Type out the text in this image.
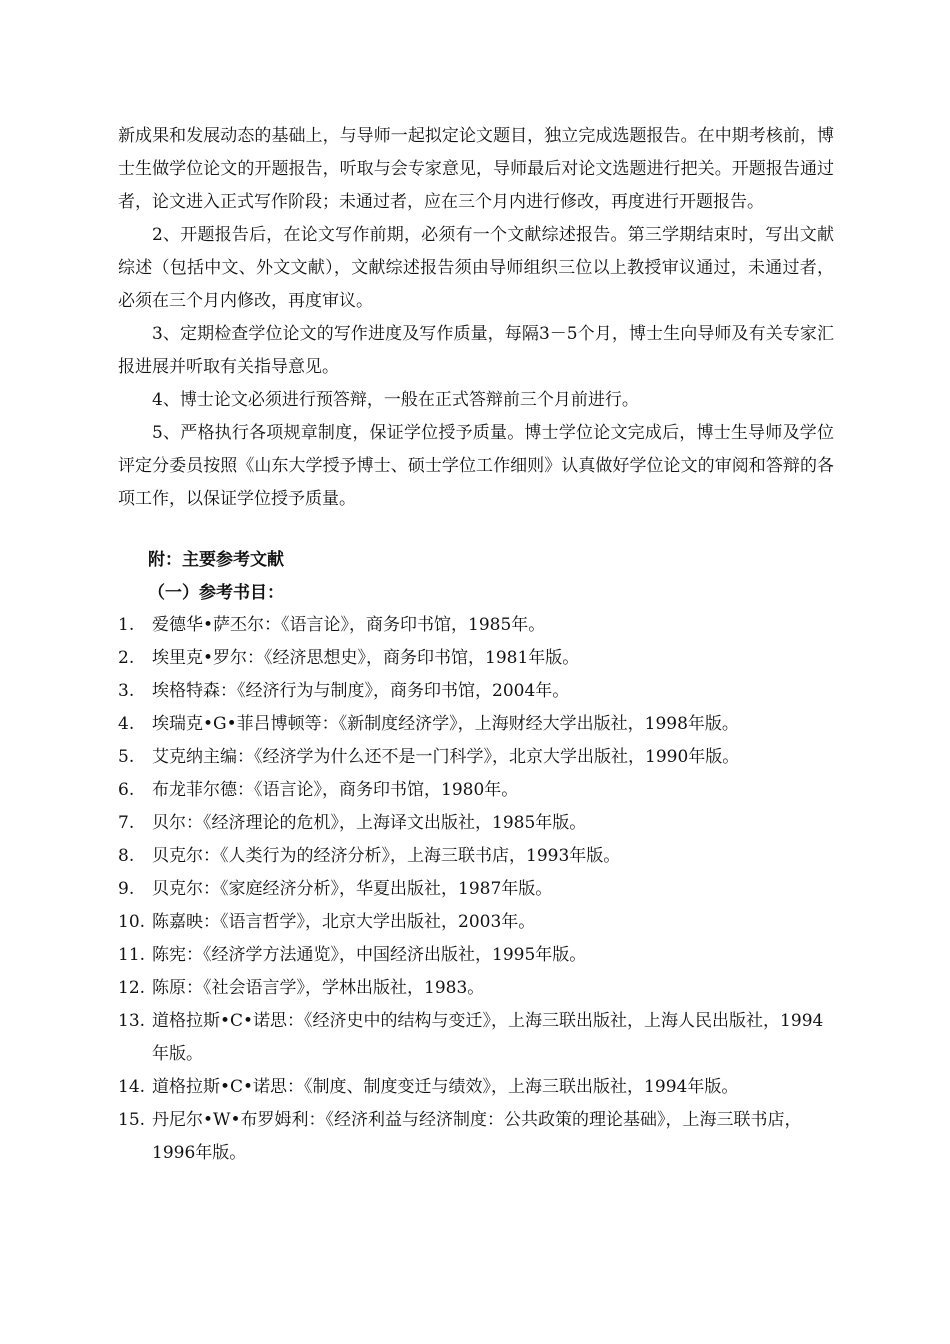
新成果和发展动态的基础上，与导师一起拟定论文题目，独立完成选题报告。在中期考核前，博士生做学位论文的开题报告，听取与会专家意见，导师最后对论文选题进行把关。开题报告通过者，论文进入正式写作阶段；未通过者，应在三个月内进行修改，再度进行开题报告。

2、开题报告后，在论文写作前期，必须有一个文献综述报告。第三学期结束时，写出文献综述（包括中文、外文文献），文献综述报告须由导师组织三位以上教授审议通过，未通过者，必须在三个月内修改，再度审议。

3、定期检查学位论文的写作进度及写作质量，每隔3－5个月，博士生向导师及有关专家汇报进展并听取有关指导意见。

4、博士论文必须进行预答辩，一般在正式答辩前三个月前进行。

5、严格执行各项规章制度，保证学位授予质量。博士学位论文完成后，博士生导师及学位评定分委员按照《山东大学授予博士、硕士学位工作细则》认真做好学位论文的审阅和答辩的各项工作，以保证学位授予质量。

附：主要参考文献

（一）参考书目：

1. 爱德华•萨丕尔：《语言论》，商务印书馆，1985年。
2. 埃里克•罗尔：《经济思想史》，商务印书馆，1981年版。
3. 埃格特森：《经济行为与制度》，商务印书馆，2004年。
4. 埃瑞克•G•菲吕博顿等：《新制度经济学》，上海财经大学出版社，1998年版。
5. 艾克纳主编：《经济学为什么还不是一门科学》，北京大学出版社，1990年版。
6. 布龙菲尔德：《语言论》，商务印书馆，1980年。
7. 贝尔：《经济理论的危机》，上海译文出版社，1985年版。
8. 贝克尔：《人类行为的经济分析》，上海三联书店，1993年版。
9. 贝克尔：《家庭经济分析》，华夏出版社，1987年版。
10. 陈嘉映：《语言哲学》，北京大学出版社，2003年。
11. 陈宪：《经济学方法通览》，中国经济出版社，1995年版。
12. 陈原：《社会语言学》，学林出版社，1983。
13. 道格拉斯•C•诺思：《经济史中的结构与变迁》，上海三联出版社，上海人民出版社，1994年版。
14. 道格拉斯•C•诺思：《制度、制度变迁与绩效》，上海三联出版社，1994年版。
15. 丹尼尔•W•布罗姆利：《经济利益与经济制度：公共政策的理论基础》，上海三联书店，1996年版。
